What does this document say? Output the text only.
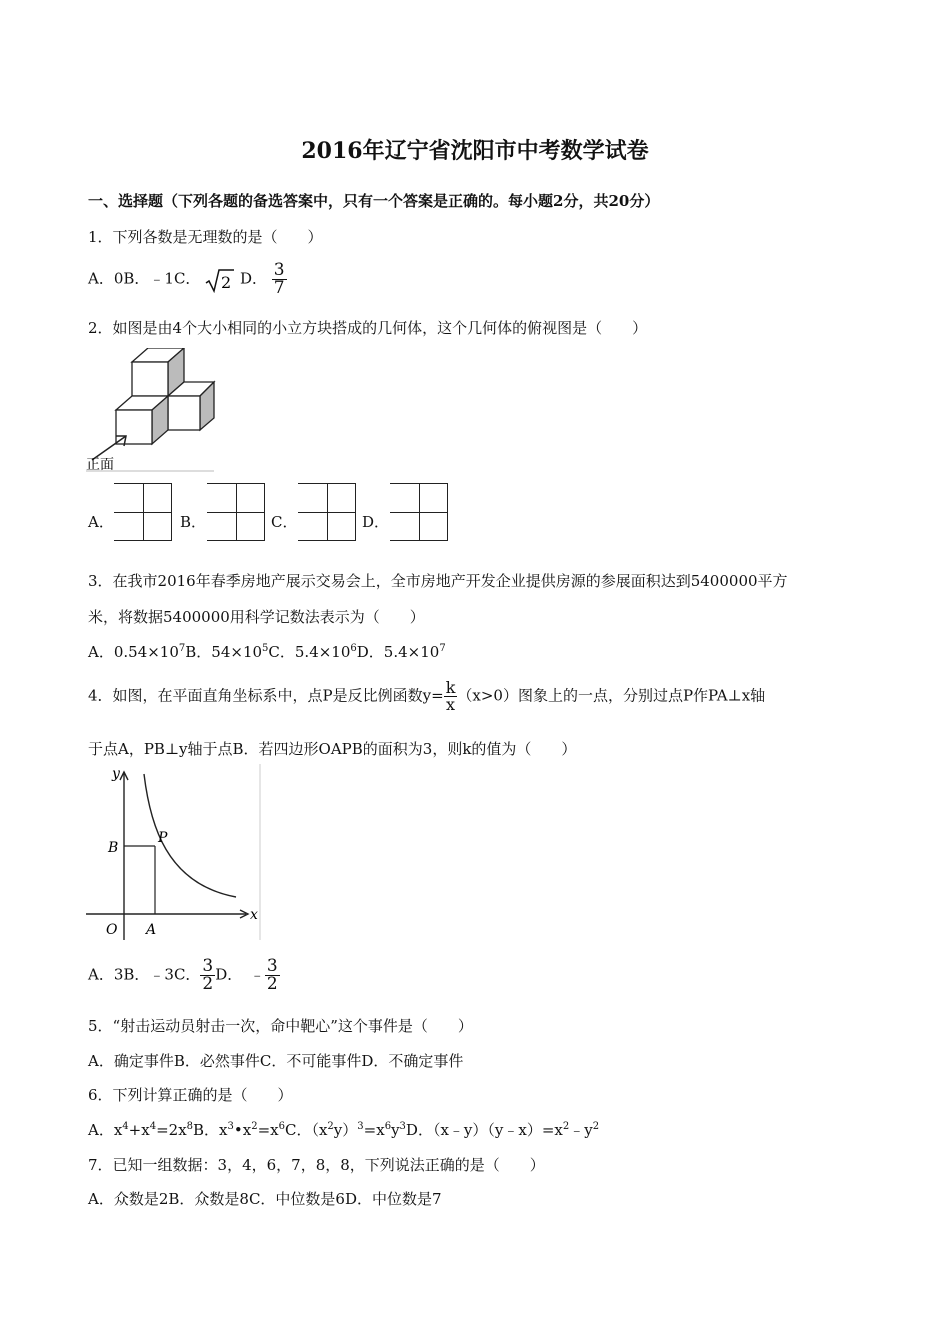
2016年辽宁省沈阳市中考数学试卷
一、选择题（下列各题的备选答案中，只有一个答案是正确的。每小题2分，共20分）
1．下列各数是无理数的是（　　）
A．0B．﹣1C． 2 D． $\frac{3}{7}$
2．如图是由4个大小相同的小立方块搭成的几何体，这个几何体的俯视图是（　　）
正面
A．	B．	C．	D．
3．在我市2016年春季房地产展示交易会上，全市房地产开发企业提供房源的参展面积达到5400000平方
米，将数据5400000用科学记数法表示为（　　）
A．$0.54\times 10^7B$．$54\times 10^5C$．$5.4\times 10^6D$．$5.4\times 10^7$
4．如图，在平面直角坐标系中，点P是反比例函数$y= \frac{k}{x} (x>0)$图象上的一点，分别过点P作PA⊥x轴
于点A，PB⊥y轴于点B．若四边形OAPB的面积为3，则k的值为（　　）
y
x
B
P
O A
A．3B．﹣3C． $\frac{3}{2}$ D．　 ﹣ $\frac{3}{2}$
5．“射击运动员射击一次，命中靶心”这个事件是（　　）
A．确定事件B．必然事件C．不可能事件D．不确定事件
6．下列计算正确的是（　　）
A．$x^4+x^4=2x^8B$．$x^3•x^2=x^6C$．$(x^2y)^3=x^6y^3D$．$(x﹣y)(y﹣x)=x^2﹣y^2$
7．已知一组数据：3，4，6，7，8，8，下列说法正确的是（　　）
A．众数是2B．众数是8C．中位数是6D．中位数是7
